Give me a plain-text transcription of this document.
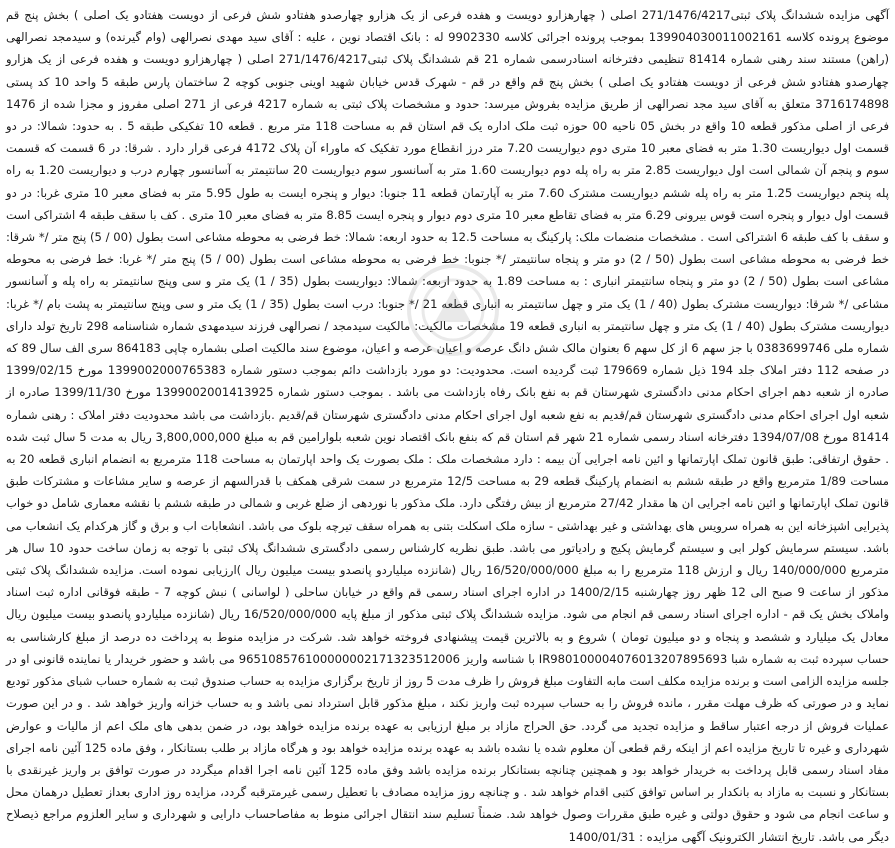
آگهی مزایده ششدانگ پلاک ثبتی271/1476/4217 اصلی ( چهارهزارو دویست و هفده فرعی از یک هزارو چهارصدو هفتادو شش فرعی از دویست هفتادو یک اصلی ) بخش پنج قم موضوع پرونده کلاسه 139904030011002161 بموجب پرونده اجرائی کلاسه 9902330 له : بانک اقتصاد نوین ، علیه : آقای سید مهدی نصرالهی (وام گیرنده) و سیدمجد نصرالهی (راهن) مستند سند رهنی شماره 81414 تنظیمی دفترخانه اسنادرسمی شماره 21 قم ششدانگ پلاک ثبتی271/1476/4217 اصلی ( چهارهزارو دویست و هفده فرعی از یک هزارو چهارصدو هفتادو شش فرعی از دویست هفتادو یک اصلی ) بخش پنج قم واقع در قم - شهرک قدس خیابان شهید اوینی جنوبی کوچه 2 ساختمان پارس طبقه 5 واحد 10 کد پستی 3716174898 متعلق به آقای سید مجد نصرالهی از طریق مزایده بفروش میرسد: حدود و مشخصات پلاک ثبتی به شماره 4217 فرعی از 271 اصلی مفروز و مجزا شده از 1476 فرعی از اصلی مذکور قطعه 10 واقع در بخش 05 ناحیه 00 حوزه ثبت ملک اداره یک قم استان قم به مساحت 118 متر مربع . قطعه 10 تفکیکی طبقه 5 . به حدود: شمالا: در دو قسمت اول دیواریست 1.30 متر به فضای معبر 10 متری دوم دیواریست 7.20 متر درز انقطاع مورد تفکیک که ماوراء آن پلاک 4172 فرعی قرار دارد . شرقا: در 6 قسمت که قسمت سوم و پنجم آن شمالی است اول دیواریست 2.85 متر به راه پله دوم دیواریست 1.60 متر به آسانسور سوم دیواریست 20 سانتیمتر به آسانسور چهارم درب و دیواریست 1.20 به راه پله پنجم دیواریست 1.25 متر به راه پله ششم دیواریست مشترک 7.60 متر به آپارتمان قطعه 11 جنوبا: دیوار و پنجره ایست به طول 5.95 متر به فضای معبر 10 متری غربا: در دو قسمت اول دیوار و پنجره است قوس بیرونی 6.29 متر به فضای تقاطع معبر 10 متری دوم دیوار و پنجره ایست 8.85 متر به فضای معبر 10 متری . کف با سقف طبقه 4 اشتراکی است و سقف با کف طبقه 6 اشتراکی است . مشخصات منضمات ملک: پارکینگ به مساحت 12.5 به حدود اربعه: شمالا: خط فرضی به محوطه مشاعی است بطول (00 / 5) پنج متر /* شرقا: خط فرضی به محوطه مشاعی است بطول (50 / 2) دو متر و پنجاه سانتیمتر /* جنوبا: خط فرضی به محوطه مشاعی است بطول (00 / 5) پنج متر /* غربا: خط فرضی به محوطه مشاعی است بطول (50 / 2) دو متر و پنجاه سانتیمتر انباری : به مساحت 1.89 به حدود اربعه: شمالا: دیواریست بطول (35 / 1) یک متر و سی وپنج سانتیمتر به راه پله و آسانسور مشاعی /* شرقا: دیواریست مشترک بطول (40 / 1) یک متر و چهل سانتیمتر به انباری قطعه 21 /* جنوبا: درب است بطول (35 / 1) یک متر و سی وپنج سانتیمتر به پشت بام /* غربا: دیواریست مشترک بطول (40 / 1) یک متر و چهل سانتیمتر به انباری قطعه 19 مشخصات مالکیت: مالکیت سیدمجد / نصرالهی فرزند سیدمهدی شماره شناسنامه 298 تاریخ تولد دارای شماره ملی 0383699746 با جز سهم 6 از کل سهم 6 بعنوان مالک شش دانگ عرصه و اعیان عرصه و اعیان، موضوع سند مالکیت اصلی بشماره چاپی 864183 سری الف سال 89 که در صفحه 112 دفتر املاک جلد 194 ذیل شماره 179669 ثبت گردیده است. محدودیت: دو مورد بازداشت دائم بموجب دستور شماره 1399002000765383 مورخ 1399/02/15 صادره از شعبه دهم اجرای احکام مدنی دادگستری شهرستان قم به نفع بانک رفاه بازداشت می باشد . بموجب دستور شماره 1399002001413925 مورخ 1399/11/30 صادره از شعبه اول اجرای احکام مدنی دادگستری شهرستان قم/قدیم به نفع شعبه اول اجرای احکام مدنی دادگستری شهرستان قم/قدیم .بازداشت می باشد محدودیت دفتر املاک : رهنی شماره 81414 مورخ 1394/07/08 دفترخانه اسناد رسمی شماره 21 شهر قم استان قم که بنفع بانک اقتصاد نوین شعبه بلوارامین قم به مبلغ 3,800,000,000 ریال به مدت 5 سال ثبت شده . حقوق ارتفاقی: طبق قانون تملک اپارتمانها و ائین نامه اجرایی آن بیمه : دارد مشخصات ملک : ملک بصورت یک واحد اپارتمان به مساحت 118 مترمربع به انضمام انباری قطعه 20 به مساحت 1/89 مترمربع واقع در طبقه ششم به انضمام پارکینگ قطعه 29 به مساحت 12/5 مترمربع در سمت شرقی همکف با قدرالسهم از عرصه و سایر مشاعات و مشترکات طبق قانون تملک اپارتمانها و ائین نامه اجرایی ان ها مقدار 27/42 مترمربع از بیش رفتگی دارد. ملک مذکور با نوردهی از ضلع غربی و شمالی در طبقه ششم با نقشه معماری شامل دو خواب پذیرایی اشپزخانه این به همراه سرویس های بهداشتی و غیر بهداشتی - سازه ملک اسکلت بتنی به همراه سقف تیرچه بلوک می باشد. انشعابات اب و برق و گاز هرکدام یک انشعاب می باشد. سیستم سرمایش کولر ابی و سیستم گرمایش پکیج و رادیاتور می باشد. طبق نظریه کارشناس رسمی دادگستری ششدانگ پلاک ثبتی با توجه به زمان ساخت حدود 10 سال هر مترمربع 140/000/000 ریال و ارزش 118 مترمربع را به مبلغ 16/520/000/000 ریال (شانزده میلیاردو پانصدو بیست میلیون ریال )ارزیابی نموده است. مزایده ششدانگ پلاک ثبتی مذکور از ساعت 9 صبح الی 12 ظهر روز چهارشنبه 1400/2/15 در اداره اجرای اسناد رسمی قم واقع در خیابان ساحلی ( لواسانی ) نبش کوچه 7 - طبقه فوقانی اداره ثبت اسناد واملاک بخش یک قم - اداره اجرای اسناد رسمی قم انجام می شود. مزایده ششدانگ پلاک ثبتی مذکور از مبلغ پایه 16/520/000/000 ریال (شانزده میلیاردو پانصدو بیست میلیون ریال معادل یک میلیارد و ششصد و پنجاه و دو میلیون تومان ) شروع و به بالاترین قیمت پیشنهادی فروخته خواهد شد. شرکت در مزایده منوط به پرداخت ده درصد از مبلغ کارشناسی به حساب سپرده ثبت به شماره شبا IR980100004076013207895693 با شناسه واریز 965108576100000002171323512006 می باشد و حضور خریدار یا نماینده قانونی او در جلسه مزایده الزامی است و برنده مزایده مکلف است مابه التفاوت مبلغ فروش را ظرف مدت 5 روز از تاریخ برگزاری مزایده به حساب صندوق ثبت به شماره حساب شبای مذکور تودیع نماید و در صورتی که ظرف مهلت مقرر ، مانده فروش را به حساب سپرده ثبت واریز نکند ، مبلغ مذکور قابل استرداد نمی باشد و به حساب خزانه واریز خواهد شد . و در این صورت عملیات فروش از درجه اعتبار ساقط و مزایده تجدید می گردد. حق الحراج مازاد بر مبلغ ارزیابی به عهده برنده مزایده خواهد بود، در ضمن بدهی های ملک اعم از مالیات و عوارض شهرداری و غیره تا تاریخ مزایده اعم از اینکه رقم قطعی آن معلوم شده یا نشده باشد به عهده برنده مزایده خواهد بود و هرگاه مازاد بر طلب بستانکار ، وفق ماده 125 آئین نامه اجرای مفاد اسناد رسمی قابل پرداخت به خریدار خواهد بود و همچنین چنانچه بستانکار برنده مزایده باشد وفق ماده 125 آئین نامه اجرا اقدام میگردد در صورت توافق بر واریز غیرنقدی با بستانکار و نسبت به مازاد به بانکدار بر اساس توافق کتبی اقدام خواهد شد . و چنانچه روز مزایده مصادف با تعطیل رسمی غیرمترقبه گردد، مزایده روز اداری بعداز تعطیل درهمان محل و ساعت انجام می شود و حقوق دولتی و غیره طبق مقررات وصول خواهد شد. ضمناً تسلیم سند انتقال اجرائی منوط به مفاصاحساب دارایی و شهرداری و سایر العلزوم مراجع ذیصلاح دیگر می باشد. تاریخ انتشار الکترونیک آگهی مزایده : 1400/01/31
